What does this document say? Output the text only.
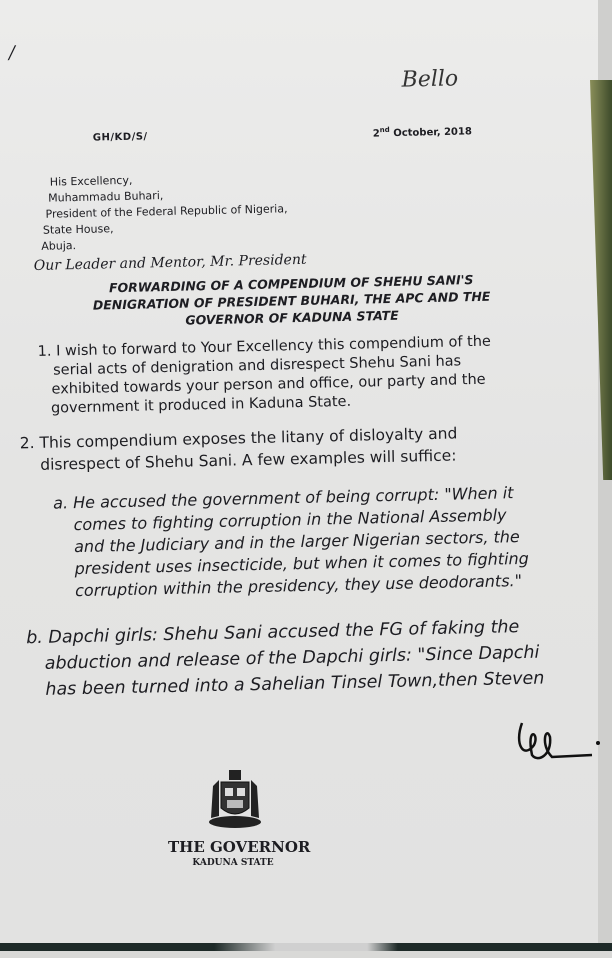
/
Bello
GH/KD/S/	2nd October, 2018
His Excellency,
Muhammadu Buhari,
President of the Federal Republic of Nigeria,
State House,
Abuja.
Our Leader and Mentor, Mr. President
FORWARDING OF A COMPENDIUM OF SHEHU SANI'S
DENIGRATION OF PRESIDENT BUHARI, THE APC AND THE
GOVERNOR OF KADUNA STATE
1. I wish to forward to Your Excellency this compendium of the
serial acts of denigration and disrespect Shehu Sani has
exhibited towards your person and office, our party and the
government it produced in Kaduna State.
2. This compendium exposes the litany of disloyalty and
disrespect of Shehu Sani. A few examples will suffice:
a. He accused the government of being corrupt: "When it
comes to fighting corruption in the National Assembly
and the Judiciary and in the larger Nigerian sectors, the
president uses insecticide, but when it comes to fighting
corruption within the presidency, they use deodorants."
b. Dapchi girls: Shehu Sani accused the FG of faking the
abduction and release of the Dapchi girls: "Since Dapchi
has been turned into a Sahelian Tinsel Town,then Steven
THE GOVERNOR
KADUNA STATE
